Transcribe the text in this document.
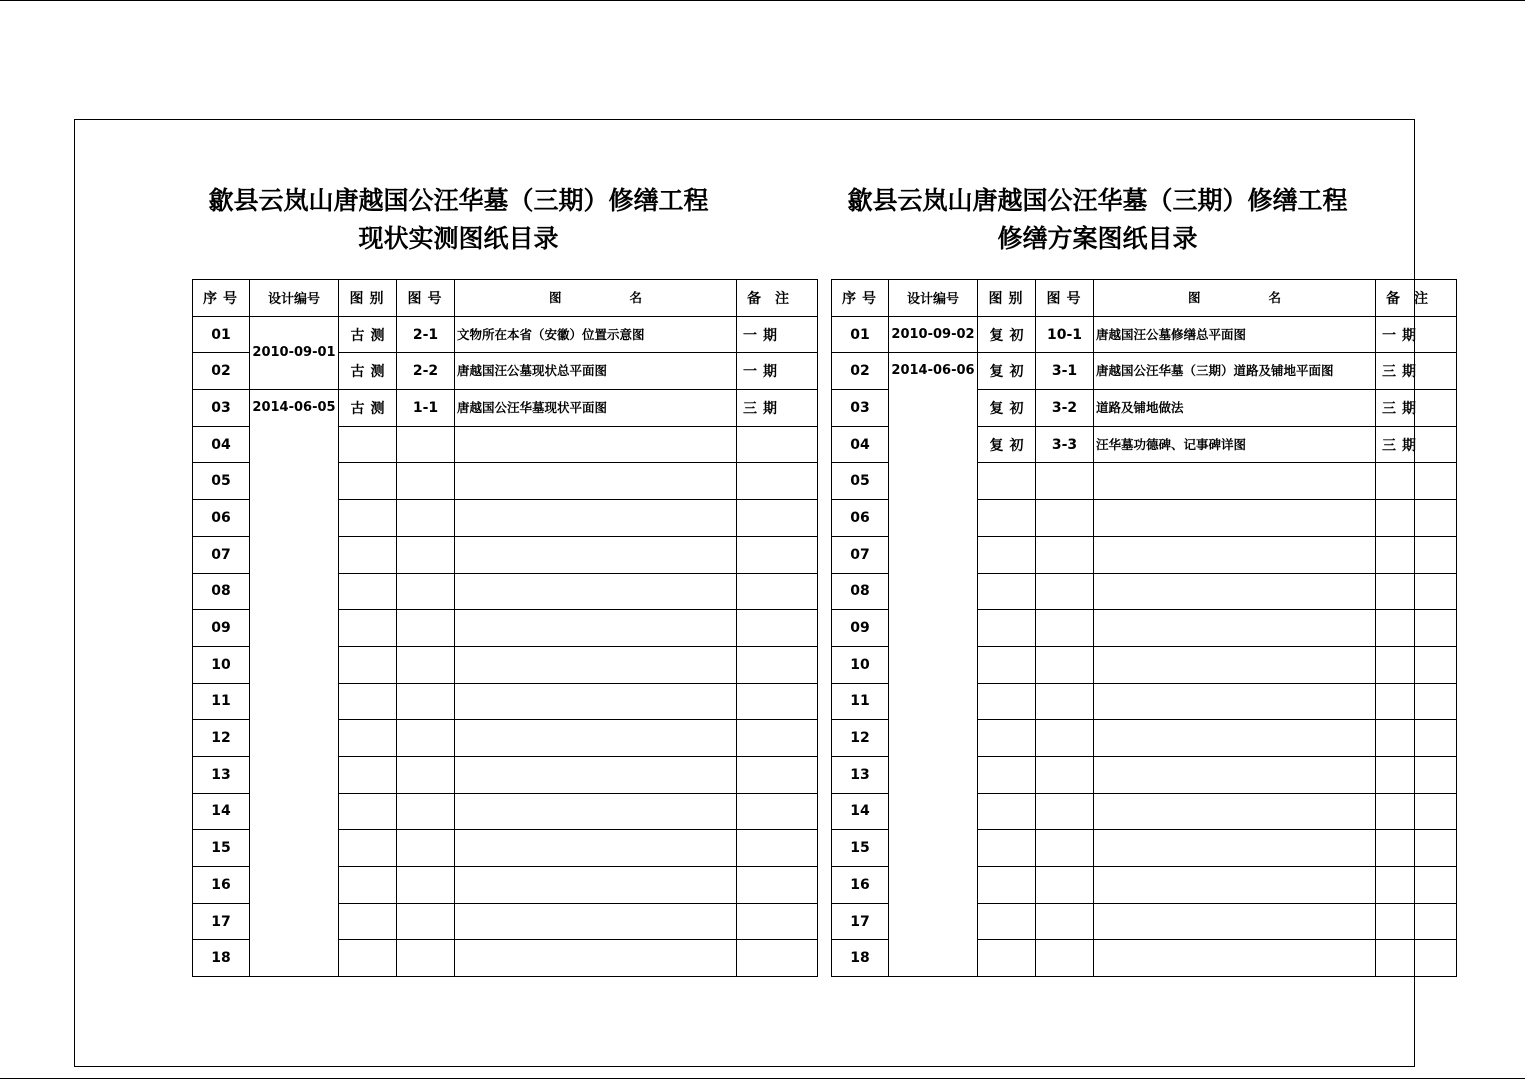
歙县云岚山唐越国公汪华墓（三期）修缮工程
现状实测图纸目录
序号	设计编号	图别	图号	图名	备注
01	2010-09-01	古测	2-1	文物所在本省（安徽）位置示意图	一期
02		古测	2-2	唐越国汪公墓现状总平面图	一期
03	2014-06-05	古测	1-1	唐越国公汪华墓现状平面图	三期
04					
05					
06					
07					
08					
09					
10					
11					
12					
13					
14					
15					
16					
17					
18					
歙县云岚山唐越国公汪华墓（三期）修缮工程
修缮方案图纸目录
序号	设计编号	图别	图号	图名	备注
01	2010-09-02	复初	10-1	唐越国汪公墓修缮总平面图	一期
02	2014-06-06	复初	3-1	唐越国公汪华墓（三期）道路及铺地平面图	三期
03		复初	3-2	道路及铺地做法	三期
04		复初	3-3	汪华墓功德碑、记事碑详图	三期
05					
06					
07					
08					
09					
10					
11					
12					
13					
14					
15					
16					
17					
18					
